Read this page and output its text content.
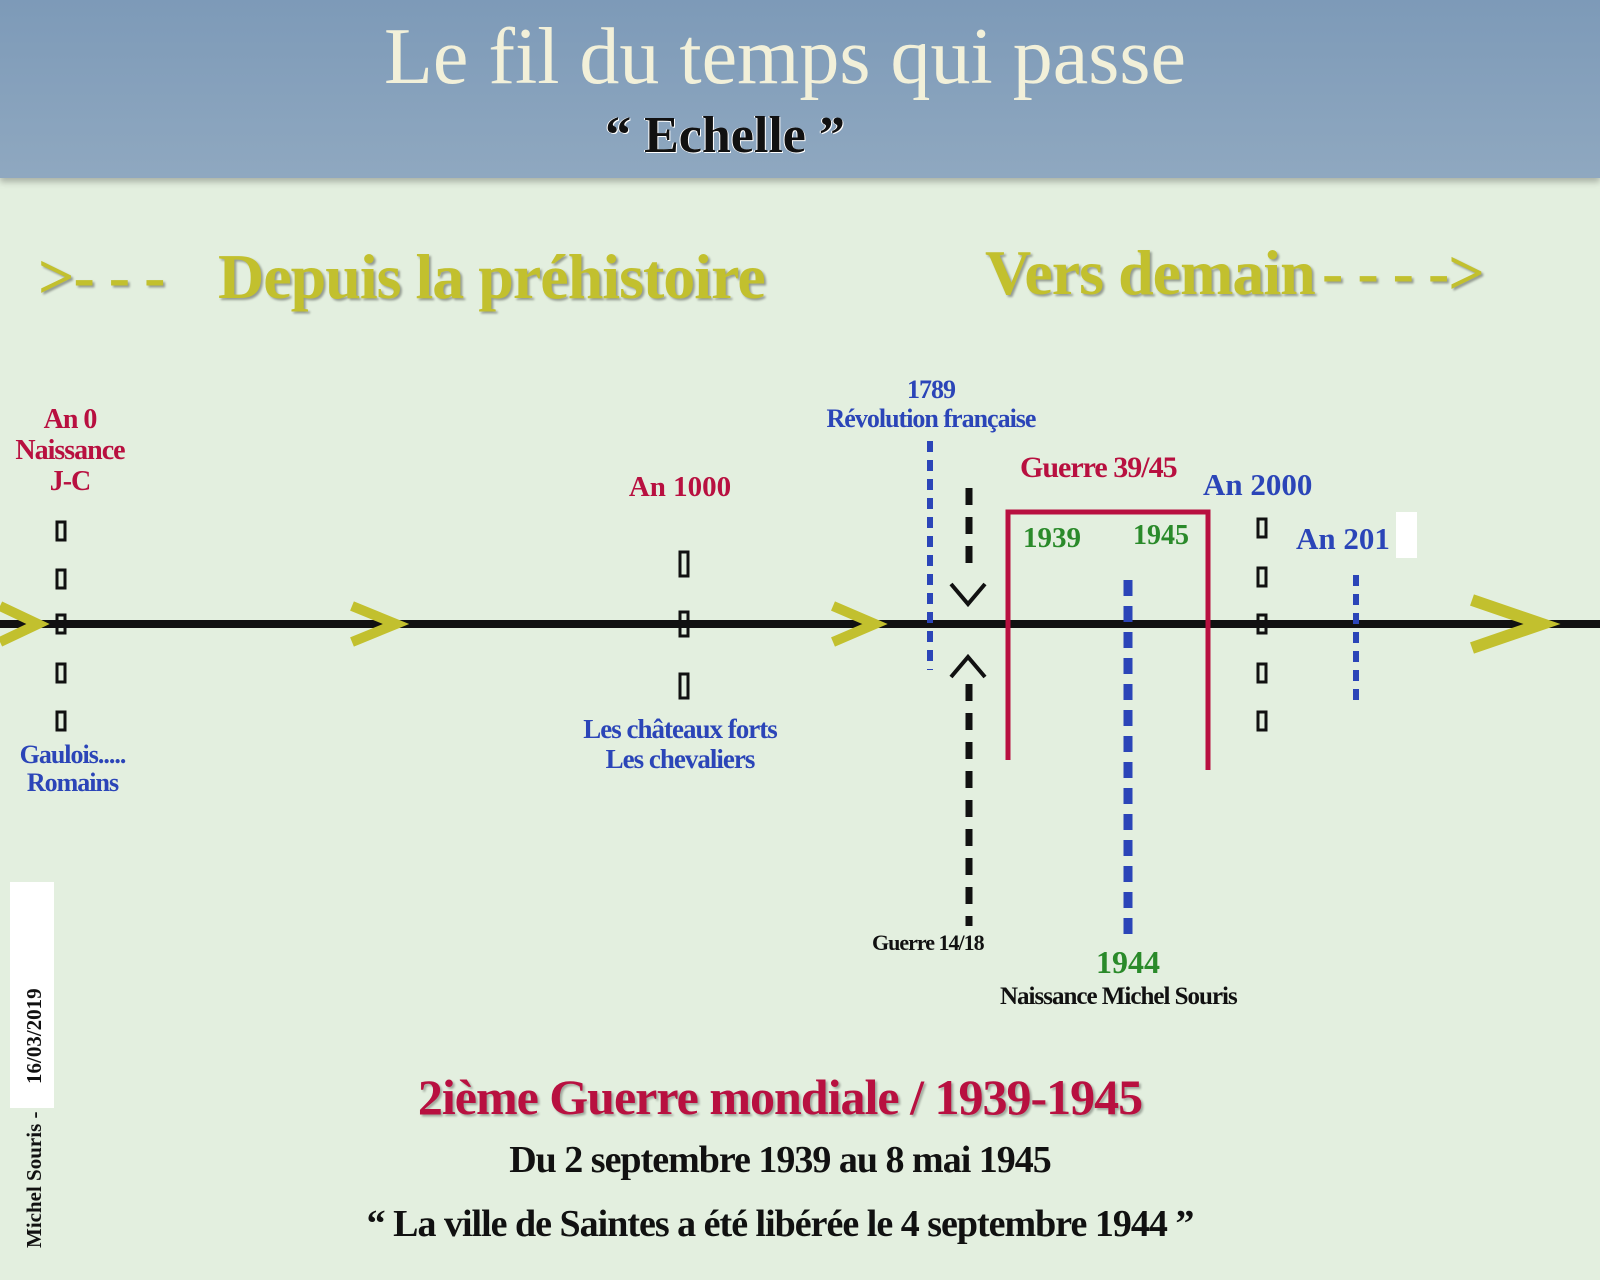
Le fil du temps qui passe
“ Echelle ”
>- - - Depuis la préhistoire	Vers demain - - - ->
An 0
Naissance
J-C
Gaulois.....
Romains
An 1000
Les châteaux forts
Les chevaliers
1789
Révolution française
Guerre 39/45
1939 1945
An 2000
An 201
Guerre 14/18
1944
Naissance Michel Souris
2ième Guerre mondiale / 1939-1945
Du 2 septembre 1939 au 8 mai 1945
“ La ville de Saintes a été libérée le 4 septembre 1944 ”
Michel Souris -
16/03/2019
